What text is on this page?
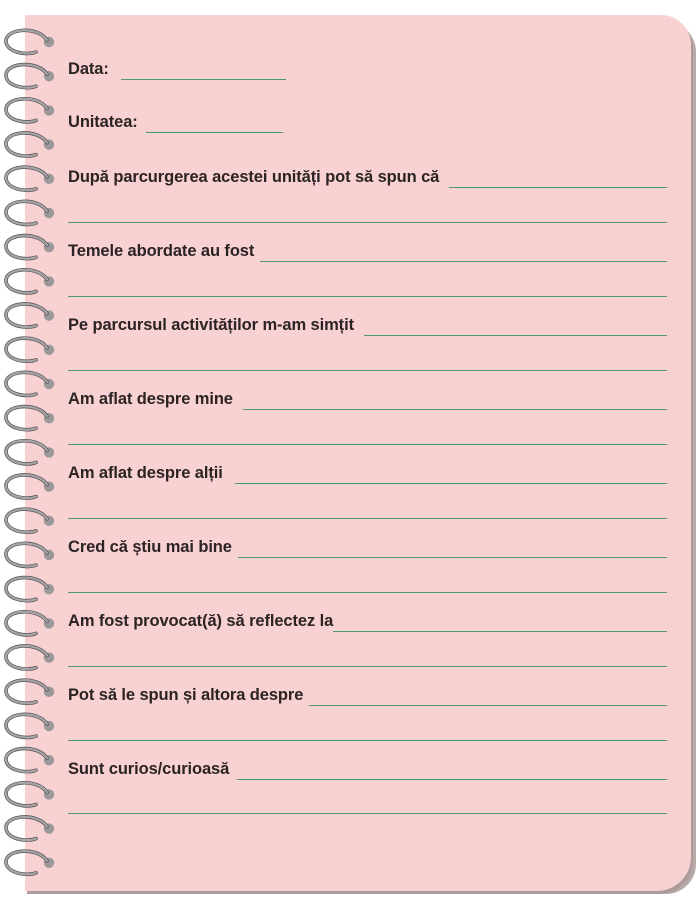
Data:
Unitatea:
După parcurgerea acestei unități pot să spun că
Temele abordate au fost
Pe parcursul activităților m-am simțit
Am aflat despre mine
Am aflat despre alții
Cred că știu mai bine
Am fost provocat(ă) să reflectez la
Pot să le spun și altora despre
Sunt curios/curioasă
